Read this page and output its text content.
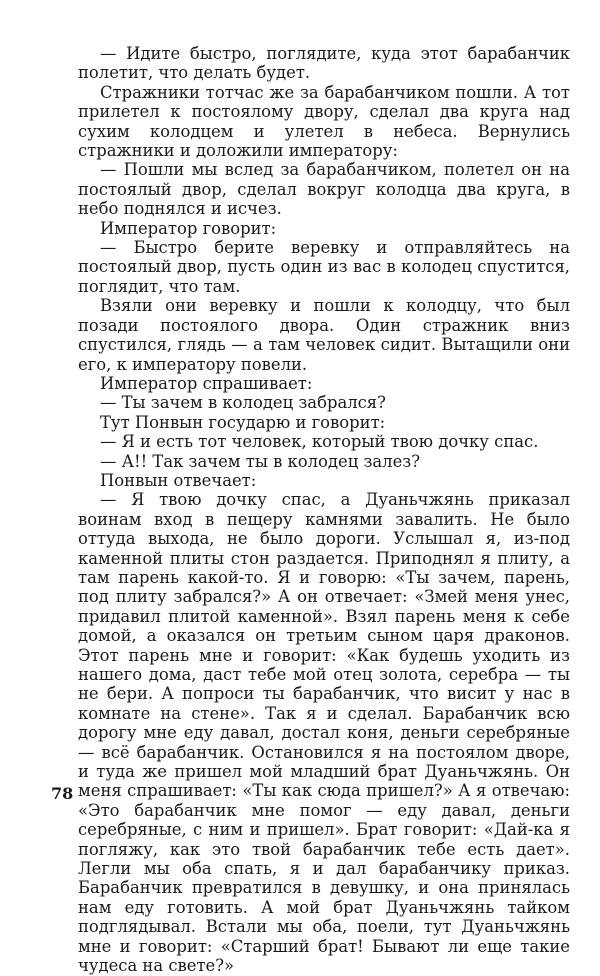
— Идите быстро, поглядите, куда этот барабанчик полетит, что делать будет.

Стражники тотчас же за барабанчиком пошли. А тот прилетел к постоялому двору, сделал два круга над сухим колодцем и улетел в небеса. Вернулись стражники и доложили императору:

— Пошли мы вслед за барабанчиком, полетел он на постоялый двор, сделал вокруг колодца два круга, в небо поднялся и исчез.

Император говорит:

— Быстро берите веревку и отправляйтесь на постоялый двор, пусть один из вас в колодец спустится, поглядит, что там.

Взяли они веревку и пошли к колодцу, что был позади постоялого двора. Один стражник вниз спустился, глядь — а там человек сидит. Вытащили они его, к императору повели.

Император спрашивает:

— Ты зачем в колодец забрался?

Тут Понвын государю и говорит:

— Я и есть тот человек, который твою дочку спас.

— А!! Так зачем ты в колодец залез?

Понвын отвечает:

— Я твою дочку спас, а Дуаньчжянь приказал воинам вход в пещеру камнями завалить. Не было оттуда выхода, не было дороги. Услышал я, из-под каменной плиты стон раздается. Приподнял я плиту, а там парень какой-то. Я и говорю: «Ты зачем, парень, под плиту забрался?» А он отвечает: «Змей меня унес, придавил плитой каменной». Взял парень меня к себе домой, а оказался он третьим сыном царя драконов. Этот парень мне и говорит: «Как будешь уходить из нашего дома, даст тебе мой отец золота, серебра — ты не бери. А попроси ты барабанчик, что висит у нас в комнате на стене». Так я и сделал. Барабанчик всю дорогу мне еду давал, достал коня, деньги серебряные — всё барабанчик. Остановился я на постоялом дворе, и туда же пришел мой младший брат Дуаньчжянь. Он меня спрашивает: «Ты как сюда пришел?» А я отвечаю: «Это барабанчик мне помог — еду давал, деньги серебряные, с ним и пришел». Брат говорит: «Дай-ка я погляжу, как это твой барабанчик тебе есть дает». Легли мы оба спать, я и дал барабанчику приказ. Барабанчик превратился в девушку, и она принялась нам еду готовить. А мой брат Дуаньчжянь тайком подглядывал. Встали мы оба, поели, тут Дуаньчжянь мне и говорит: «Старший брат! Бывают ли еще такие чудеса на свете?»

78
